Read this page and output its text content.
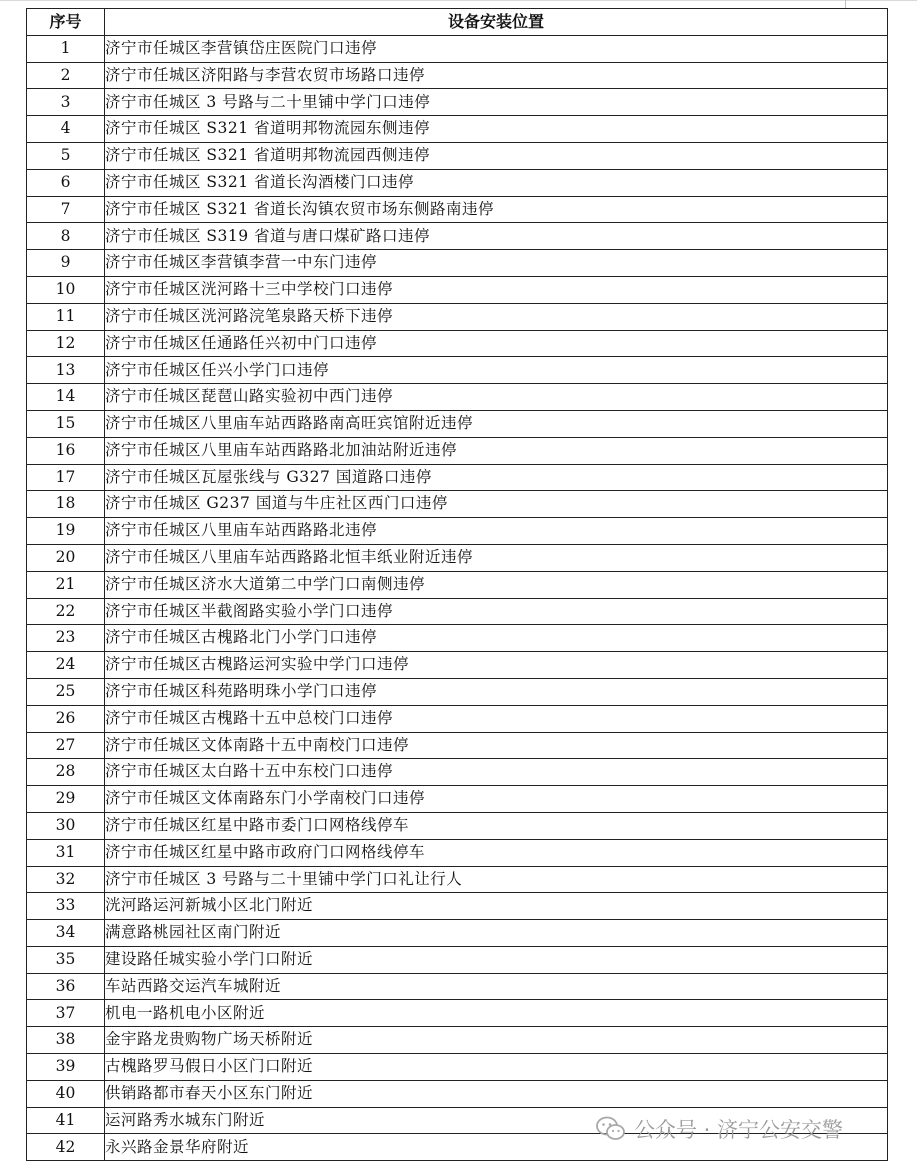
序号	设备安装位置
1	济宁市任城区李营镇岱庄医院门口违停
2	济宁市任城区济阳路与李营农贸市场路口违停
3	济宁市任城区 3 号路与二十里铺中学门口违停
4	济宁市任城区 S321 省道明邦物流园东侧违停
5	济宁市任城区 S321 省道明邦物流园西侧违停
6	济宁市任城区 S321 省道长沟酒楼门口违停
7	济宁市任城区 S321 省道长沟镇农贸市场东侧路南违停
8	济宁市任城区 S319 省道与唐口煤矿路口违停
9	济宁市任城区李营镇李营一中东门违停
10	济宁市任城区洸河路十三中学校门口违停
11	济宁市任城区洸河路浣笔泉路天桥下违停
12	济宁市任城区任通路任兴初中门口违停
13	济宁市任城区任兴小学门口违停
14	济宁市任城区琵琶山路实验初中西门违停
15	济宁市任城区八里庙车站西路路南高旺宾馆附近违停
16	济宁市任城区八里庙车站西路路北加油站附近违停
17	济宁市任城区瓦屋张线与 G327 国道路口违停
18	济宁市任城区 G237 国道与牛庄社区西门口违停
19	济宁市任城区八里庙车站西路路北违停
20	济宁市任城区八里庙车站西路路北恒丰纸业附近违停
21	济宁市任城区济水大道第二中学门口南侧违停
22	济宁市任城区半截阁路实验小学门口违停
23	济宁市任城区古槐路北门小学门口违停
24	济宁市任城区古槐路运河实验中学门口违停
25	济宁市任城区科苑路明珠小学门口违停
26	济宁市任城区古槐路十五中总校门口违停
27	济宁市任城区文体南路十五中南校门口违停
28	济宁市任城区太白路十五中东校门口违停
29	济宁市任城区文体南路东门小学南校门口违停
30	济宁市任城区红星中路市委门口网格线停车
31	济宁市任城区红星中路市政府门口网格线停车
32	济宁市任城区 3 号路与二十里铺中学门口礼让行人
33	洸河路运河新城小区北门附近
34	满意路桃园社区南门附近
35	建设路任城实验小学门口附近
36	车站西路交运汽车城附近
37	机电一路机电小区附近
38	金宇路龙贵购物广场天桥附近
39	古槐路罗马假日小区门口附近
40	供销路都市春天小区东门附近
41	运河路秀水城东门附近
42	永兴路金景华府附近
公众号 · 济宁公安交警
